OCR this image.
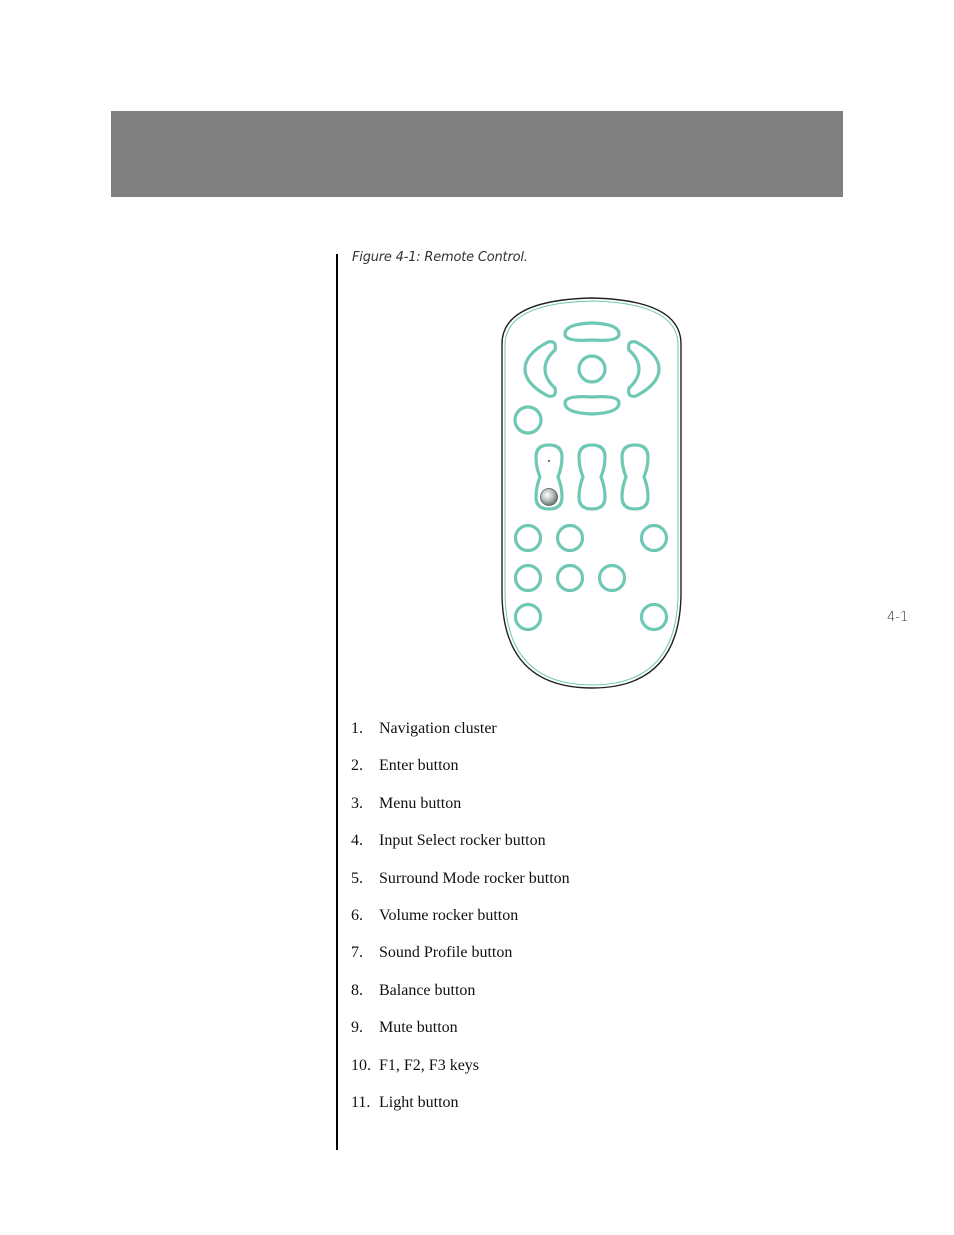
Figure 4-1: Remote Control.
1. Navigation cluster
2. Enter button
3. Menu button
4. Input Select rocker button
5. Surround Mode rocker button
6. Volume rocker button
7. Sound Profile button
8. Balance button
9. Mute button
10. F1, F2, F3 keys
11. Light button
4-1
